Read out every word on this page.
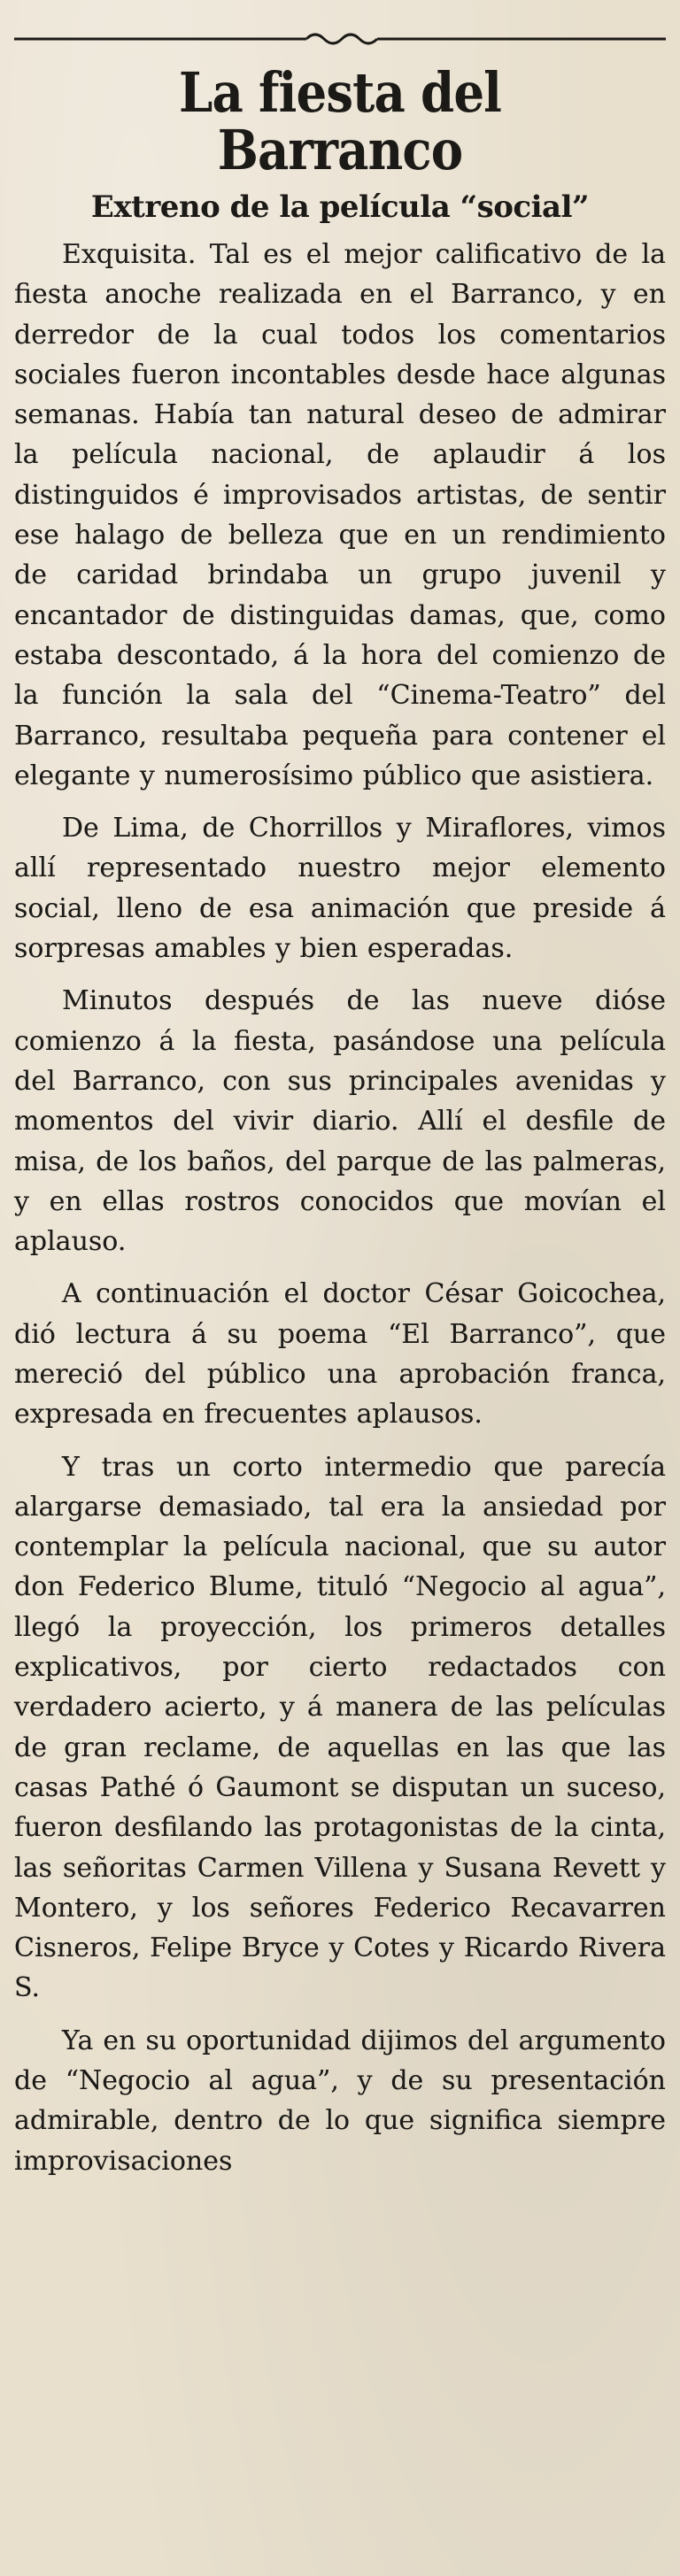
La fiesta del Barranco
Extreno de la película “social”

Exquisita. Tal es el mejor calificativo de la fiesta anoche realizada en el Barranco, y en derredor de la cual todos los comentarios sociales fueron incontables desde hace algunas semanas. Había tan natural deseo de admirar la película nacional, de aplaudir á los distinguidos é improvisados artistas, de sentir ese halago de belleza que en un rendimiento de caridad brindaba un grupo juvenil y encantador de distinguidas damas, que, como estaba descontado, á la hora del comienzo de la función la sala del “Cinema-Teatro” del Barranco, resultaba pequeña para contener el elegante y numerosísimo público que asistiera.

De Lima, de Chorrillos y Miraflores, vimos allí representado nuestro mejor elemento social, lleno de esa animación que preside á sorpresas amables y bien esperadas.

Minutos después de las nueve dióse comienzo á la fiesta, pasándose una película del Barranco, con sus principales avenidas y momentos del vivir diario. Allí el desfile de misa, de los baños, del parque de las palmeras, y en ellas rostros conocidos que movían el aplauso.

A continuación el doctor César Goicochea, dió lectura á su poema “El Barranco”, que mereció del público una aprobación franca, expresada en frecuentes aplausos.

Y tras un corto intermedio que parecía alargarse demasiado, tal era la ansiedad por contemplar la película nacional, que su autor don Federico Blume, tituló “Negocio al agua”, llegó la proyección, los primeros detalles explicativos, por cierto redactados con verdadero acierto, y á manera de las películas de gran reclame, de aquellas en las que las casas Pathé ó Gaumont se disputan un suceso, fueron desfilando las protagonistas de la cinta, las señoritas Carmen Villena y Susana Revett y Montero, y los señores Federico Recavarren Cisneros, Felipe Bryce y Cotes y Ricardo Rivera S.

Ya en su oportunidad dijimos del argumento de “Negocio al agua”, y de su presentación admirable, dentro de lo que significa siempre improvisaciones
